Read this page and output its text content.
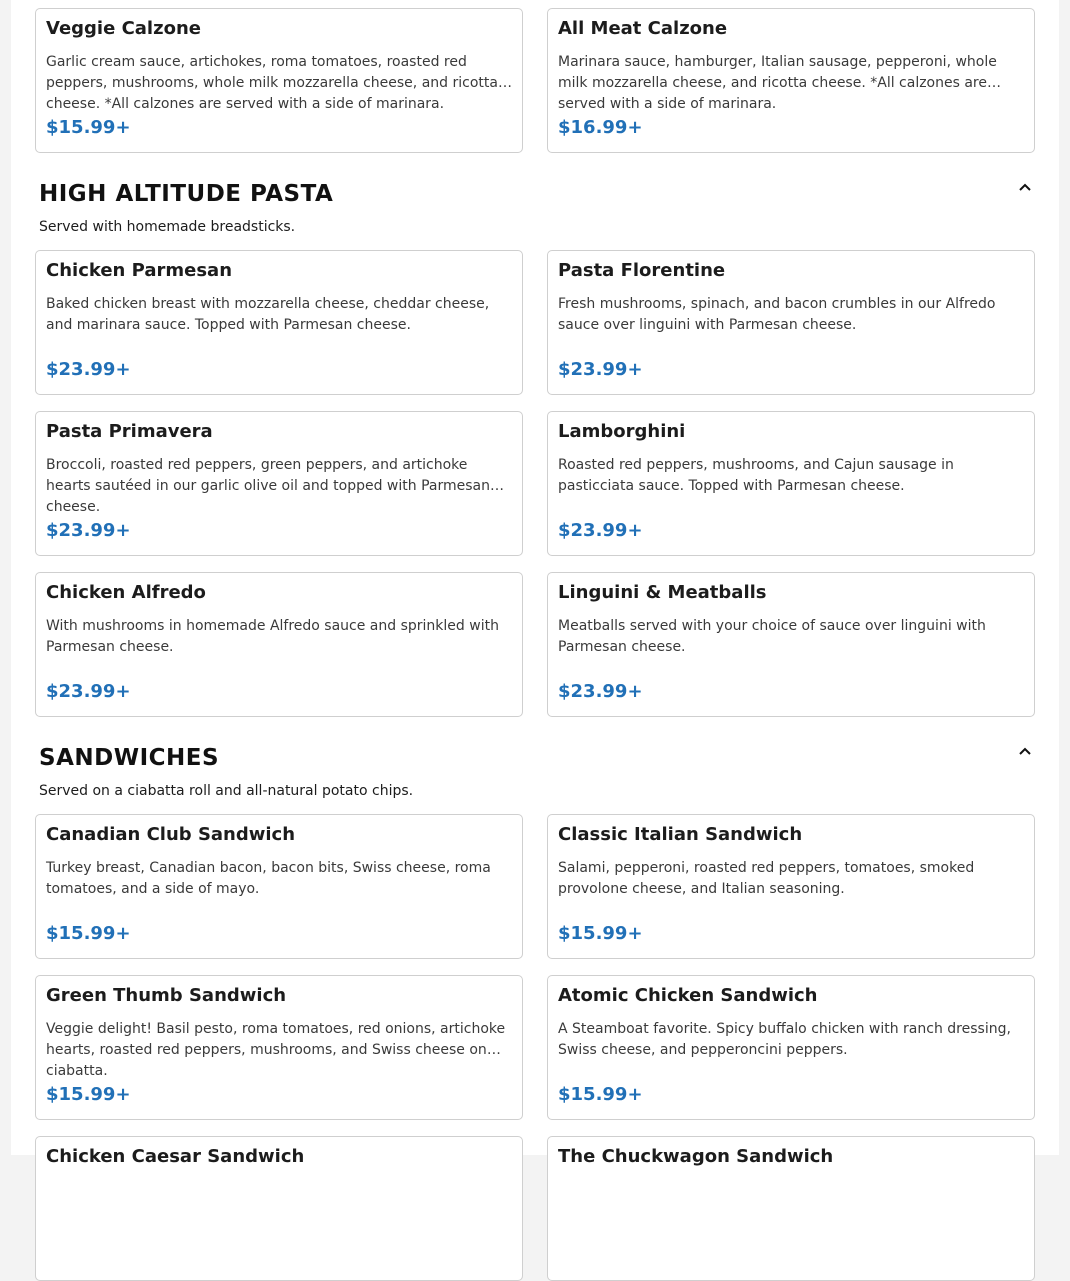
Veggie Calzone
Garlic cream sauce, artichokes, roma tomatoes, roasted red peppers, mushrooms, whole milk mozzarella cheese, and ricotta cheese. *All calzones are served with a side of marinara.
$15.99+
All Meat Calzone
Marinara sauce, hamburger, Italian sausage, pepperoni, whole milk mozzarella cheese, and ricotta cheese. *All calzones are served with a side of marinara.
$16.99+
HIGH ALTITUDE PASTA
Served with homemade breadsticks.
Chicken Parmesan
Baked chicken breast with mozzarella cheese, cheddar cheese, and marinara sauce. Topped with Parmesan cheese.
$23.99+
Pasta Florentine
Fresh mushrooms, spinach, and bacon crumbles in our Alfredo sauce over linguini with Parmesan cheese.
$23.99+
Pasta Primavera
Broccoli, roasted red peppers, green peppers, and artichoke hearts sautéed in our garlic olive oil and topped with Parmesan cheese.
$23.99+
Lamborghini
Roasted red peppers, mushrooms, and Cajun sausage in pasticciata sauce. Topped with Parmesan cheese.
$23.99+
Chicken Alfredo
With mushrooms in homemade Alfredo sauce and sprinkled with Parmesan cheese.
$23.99+
Linguini & Meatballs
Meatballs served with your choice of sauce over linguini with Parmesan cheese.
$23.99+
SANDWICHES
Served on a ciabatta roll and all-natural potato chips.
Canadian Club Sandwich
Turkey breast, Canadian bacon, bacon bits, Swiss cheese, roma tomatoes, and a side of mayo.
$15.99+
Classic Italian Sandwich
Salami, pepperoni, roasted red peppers, tomatoes, smoked provolone cheese, and Italian seasoning.
$15.99+
Green Thumb Sandwich
Veggie delight! Basil pesto, roma tomatoes, red onions, artichoke hearts, roasted red peppers, mushrooms, and Swiss cheese on ciabatta.
$15.99+
Atomic Chicken Sandwich
A Steamboat favorite. Spicy buffalo chicken with ranch dressing, Swiss cheese, and pepperoncini peppers.
$15.99+
Chicken Caesar Sandwich	The Chuckwagon Sandwich
